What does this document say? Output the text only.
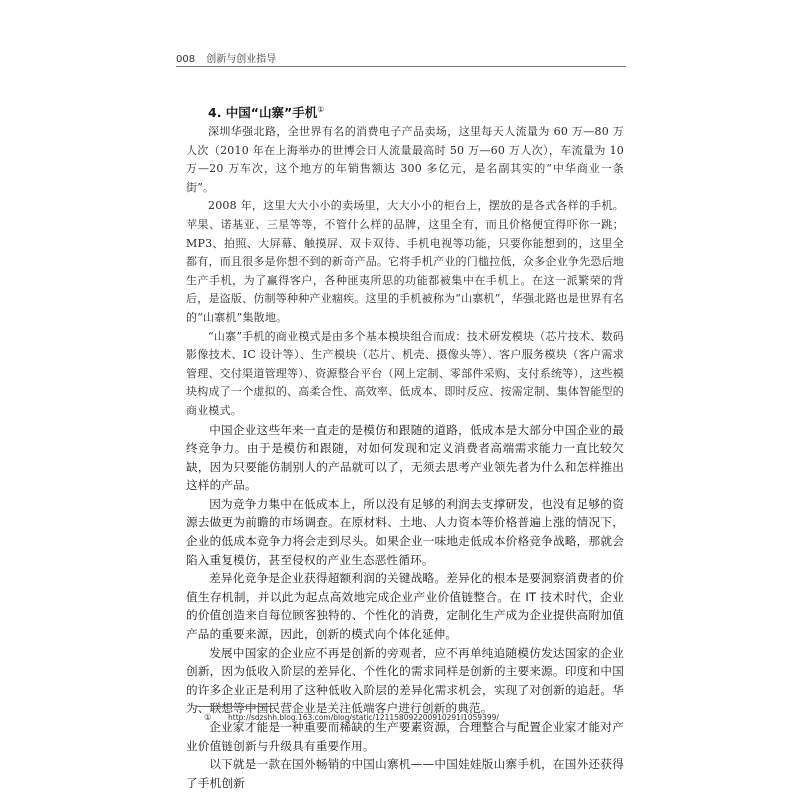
008 创新与创业指导
4. 中国“山寨”手机①

深圳华强北路，全世界有名的消费电子产品卖场，这里每天人流量为 60 万—80 万人次（2010 年在上海举办的世博会日人流量最高时 50 万—60 万人次），车流量为 10 万—20 万车次，这个地方的年销售额达 300 多亿元，是名副其实的“中华商业一条街”。

2008 年，这里大大小小的卖场里，大大小小的柜台上，摆放的是各式各样的手机。苹果、诺基亚、三星等等，不管什么样的品牌，这里全有，而且价格便宜得吓你一跳；MP3、拍照、大屏幕、触摸屏、双卡双待、手机电视等功能，只要你能想到的，这里全都有，而且很多是你想不到的新奇产品。它将手机产业的门槛拉低，众多企业争先恐后地生产手机，为了赢得客户，各种匪夷所思的功能都被集中在手机上。在这一派繁荣的背后，是盗版、仿制等种种产业痼疾。这里的手机被称为“山寨机”，华强北路也是世界有名的“山寨机”集散地。

“山寨”手机的商业模式是由多个基本模块组合而成：技术研发模块（芯片技术、数码影像技术、IC 设计等）、生产模块（芯片、机壳、摄像头等）、客户服务模块（客户需求管理、交付渠道管理等）、资源整合平台（网上定制、零部件采购、支付系统等），这些模块构成了一个虚拟的、高柔合性、高效率、低成本、即时反应、按需定制、集体智能型的商业模式。

中国企业这些年来一直走的是模仿和跟随的道路，低成本是大部分中国企业的最终竞争力。由于是模仿和跟随，对如何发现和定义消费者高端需求能力一直比较欠缺，因为只要能仿制别人的产品就可以了，无须去思考产业领先者为什么和怎样推出这样的产品。

因为竞争力集中在低成本上，所以没有足够的利润去支撑研发，也没有足够的资源去做更为前瞻的市场调查。在原材料、土地、人力资本等价格普遍上涨的情况下，企业的低成本竞争力将会走到尽头。如果企业一味地走低成本价格竞争战略，那就会陷入重复模仿，甚至侵权的产业生态恶性循环。

差异化竞争是企业获得超额利润的关键战略。差异化的根本是要洞察消费者的价值生存机制，并以此为起点高效地完成企业产业价值链整合。在 IT 技术时代，企业的价值创造来自每位顾客独特的、个性化的消费，定制化生产成为企业提供高附加值产品的重要来源，因此，创新的模式向个体化延伸。

发展中国家的企业应不再是创新的旁观者，应不再单纯追随模仿发达国家的企业创新，因为低收入阶层的差异化、个性化的需求同样是创新的主要来源。印度和中国的许多企业正是利用了这种低收入阶层的差异化需求机会，实现了对创新的追赶。华为、联想等中国民营企业是关注低端客户进行创新的典范。

企业家才能是一种重要而稀缺的生产要素资源，合理整合与配置企业家才能对产业价值链创新与升级具有重要作用。

以下就是一款在国外畅销的中国山寨机——中国娃娃版山寨手机，在国外还获得了手机创新

① http://sdzshh.blog.163.com/blog/static/121158092200910291l1059399/
